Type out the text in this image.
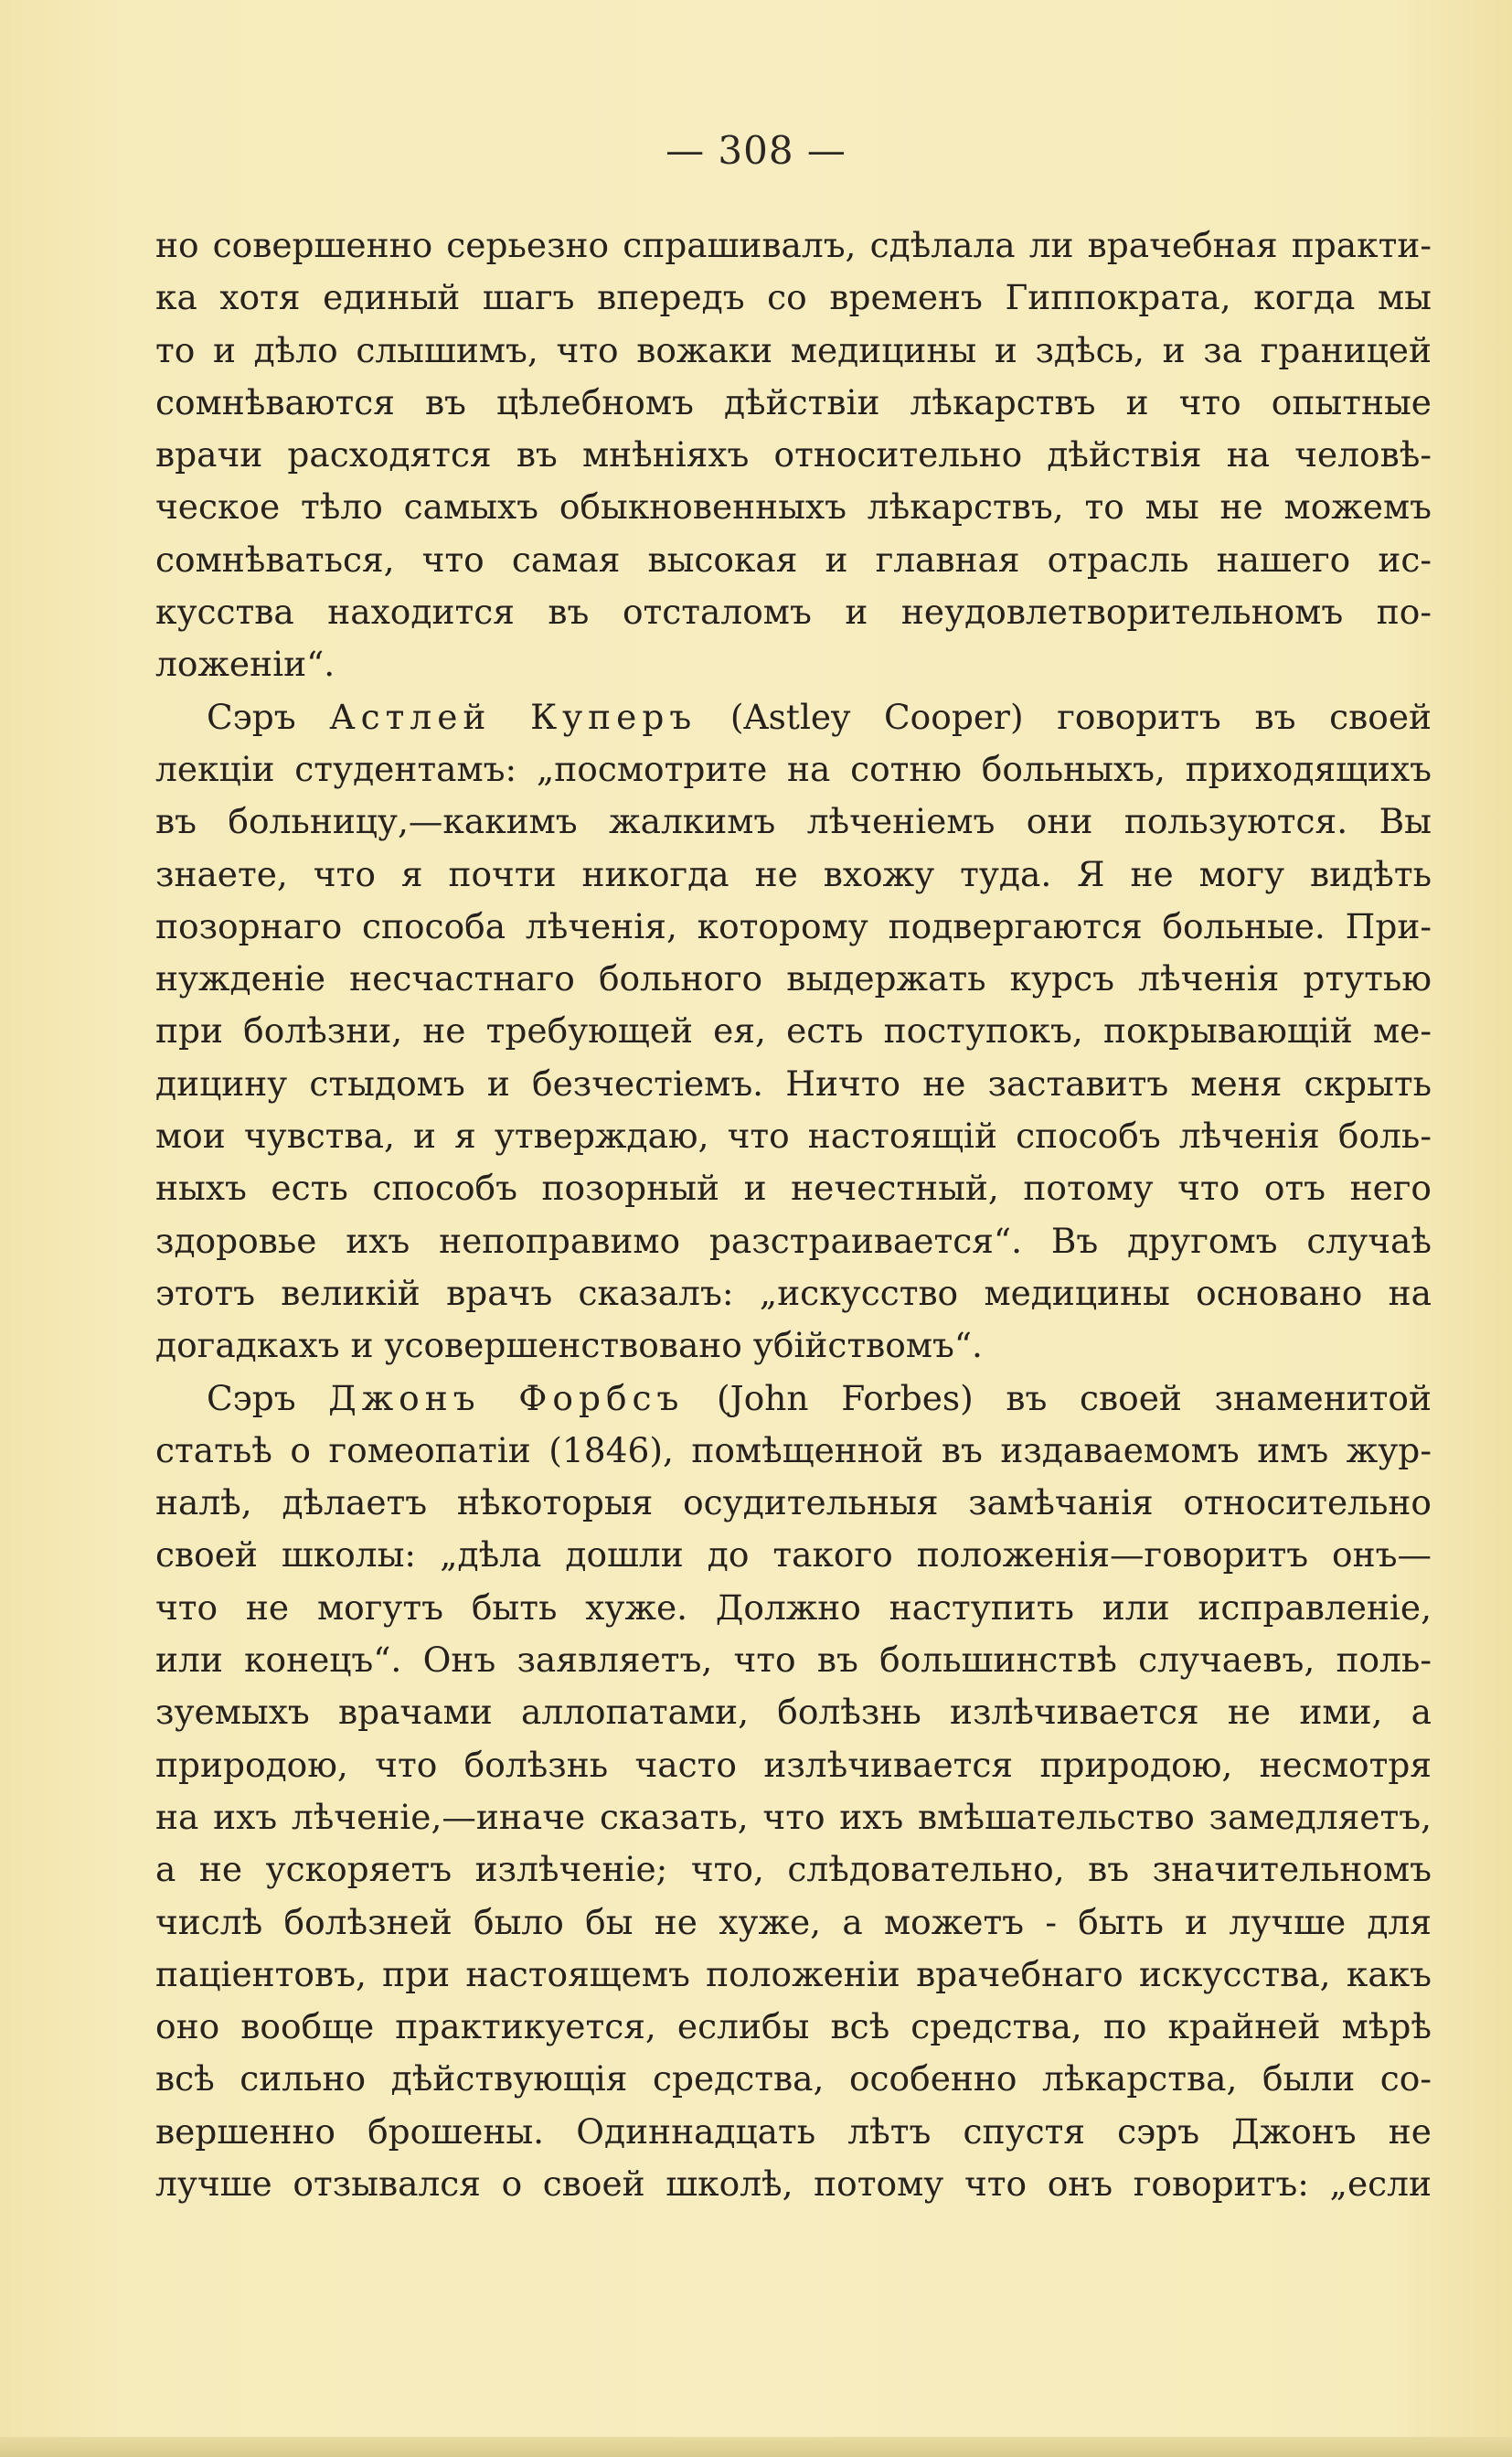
— 308 —
но совершенно серьезно спрашивалъ, сдѣлала ли врачебная практи-
ка хотя единый шагъ впередъ со временъ Гиппократа, когда мы
то и дѣло слышимъ, что вожаки медицины и здѣсь, и за границей
сомнѣваются въ цѣлебномъ дѣйствіи лѣкарствъ и что опытные
врачи расходятся въ мнѣніяхъ относительно дѣйствія на человѣ-
ческое тѣло самыхъ обыкновенныхъ лѣкарствъ, то мы не можемъ
сомнѣваться, что самая высокая и главная отрасль нашего ис-
кусства находится въ отсталомъ и неудовлетворительномъ по-
ложеніи“.
Сэръ Астлей Куперъ (Astley Cooper) говоритъ въ своей
лекціи студентамъ: „посмотрите на сотню больныхъ, приходящихъ
въ больницу,—какимъ жалкимъ лѣченіемъ они пользуются. Вы
знаете, что я почти никогда не вхожу туда. Я не могу видѣть
позорнаго способа лѣченія, которому подвергаются больные. При-
нужденіе несчастнаго больного выдержать курсъ лѣченія ртутью
при болѣзни, не требующей ея, есть поступокъ, покрывающій ме-
дицину стыдомъ и безчестіемъ. Ничто не заставитъ меня скрыть
мои чувства, и я утверждаю, что настоящій способъ лѣченія боль-
ныхъ есть способъ позорный и нечестный, потому что отъ него
здоровье ихъ непоправимо разстраивается“. Въ другомъ случаѣ
этотъ великій врачъ сказалъ: „искусство медицины основано на
догадкахъ и усовершенствовано убійствомъ“.
Сэръ Джонъ Форбсъ (John Forbes) въ своей знаменитой
статьѣ о гомеопатіи (1846), помѣщенной въ издаваемомъ имъ жур-
налѣ, дѣлаетъ нѣкоторыя осудительныя замѣчанія относительно
своей школы: „дѣла дошли до такого положенія—говоритъ онъ—
что не могутъ быть хуже. Должно наступить или исправленіе,
или конецъ“. Онъ заявляетъ, что въ большинствѣ случаевъ, поль-
зуемыхъ врачами аллопатами, болѣзнь излѣчивается не ими, а
природою, что болѣзнь часто излѣчивается природою, несмотря
на ихъ лѣченіе,—иначе сказать, что ихъ вмѣшательство замедляетъ,
а не ускоряетъ излѣченіе; что, слѣдовательно, въ значительномъ
числѣ болѣзней было бы не хуже, а можетъ - быть и лучше для
паціентовъ, при настоящемъ положеніи врачебнаго искусства, какъ
оно вообще практикуется, еслибы всѣ средства, по крайней мѣрѣ
всѣ сильно дѣйствующія средства, особенно лѣкарства, были со-
вершенно брошены. Одиннадцать лѣтъ спустя сэръ Джонъ не
лучше отзывался о своей школѣ, потому что онъ говоритъ: „если
